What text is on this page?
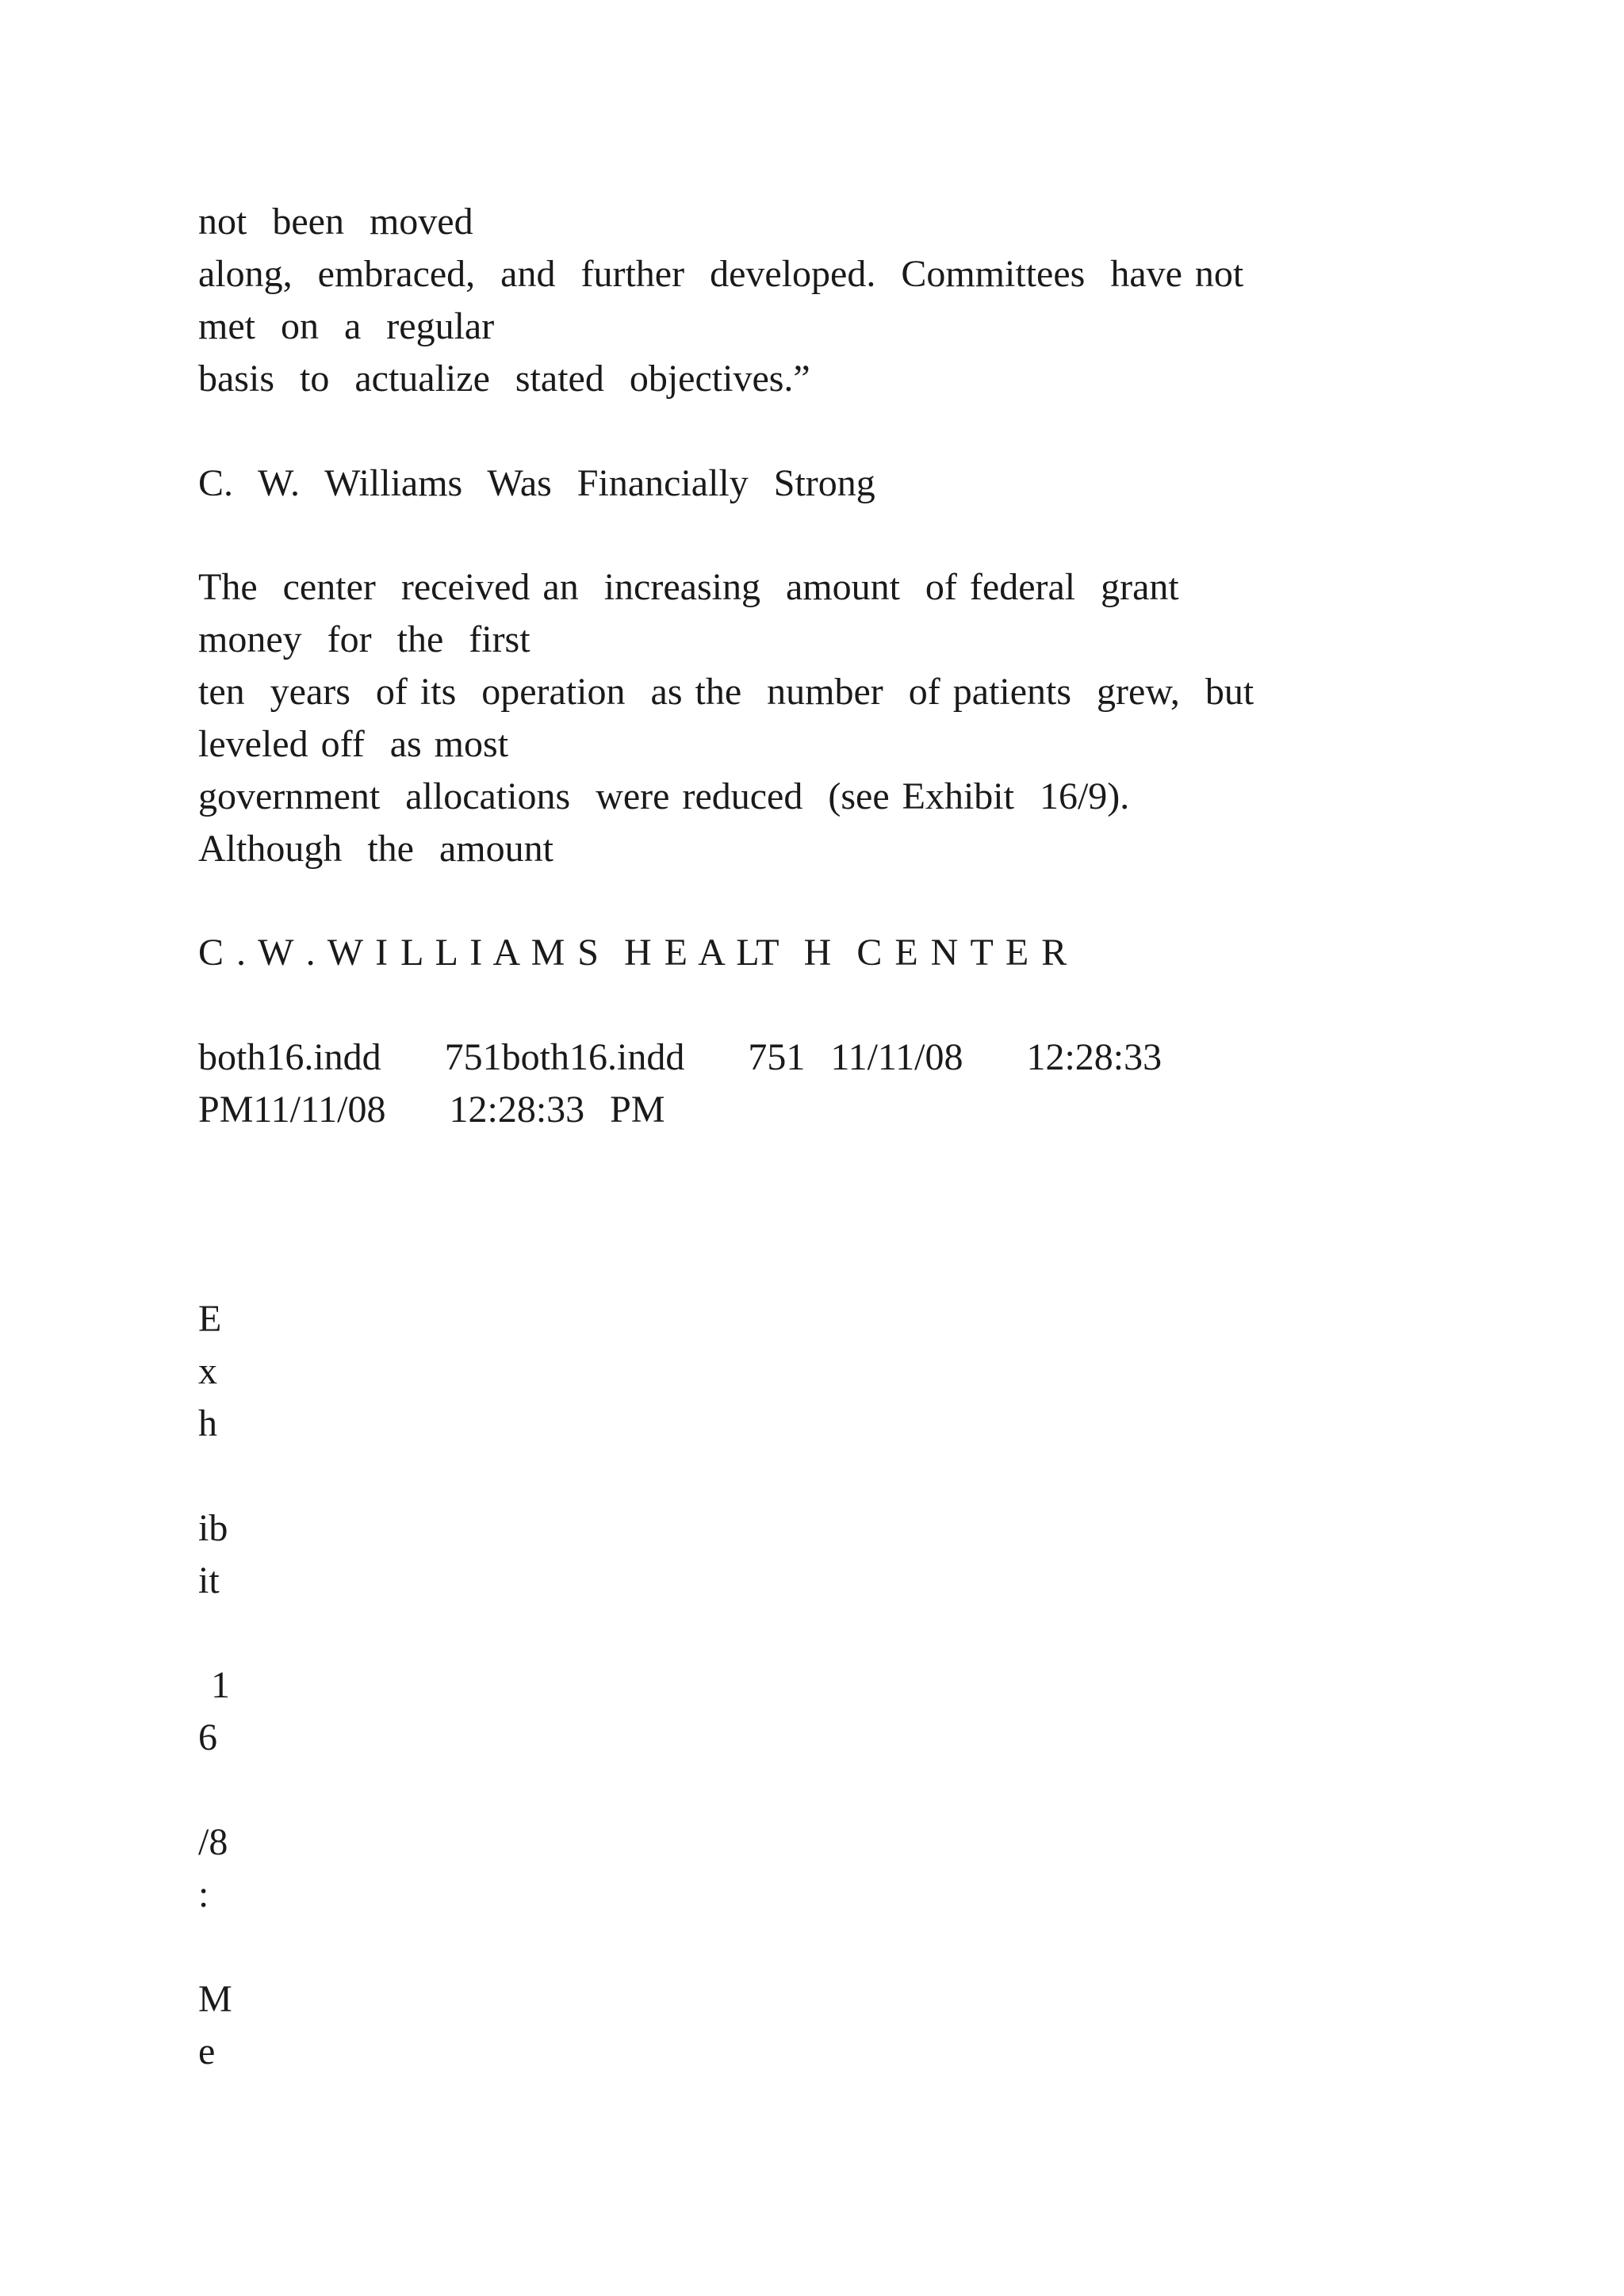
not  been  moved
along,  embraced,  and  further  developed.  Committees  have not
met  on  a  regular
basis  to  actualize  stated  objectives.”
C.  W.  Williams  Was  Financially  Strong
The  center  received an  increasing  amount  of federal  grant
money  for  the  first
ten  years  of its  operation  as the  number  of patients  grew,  but
leveled off  as most
government  allocations  were reduced  (see Exhibit  16/9).
Although  the  amount
C . W . W I L L I A M S  H E A LT  H  C E N T E R
both16.indd     751both16.indd     751  11/11/08     12:28:33
PM11/11/08     12:28:33  PM
E
x
h
ib
it
1
6
/8
:
M
e
